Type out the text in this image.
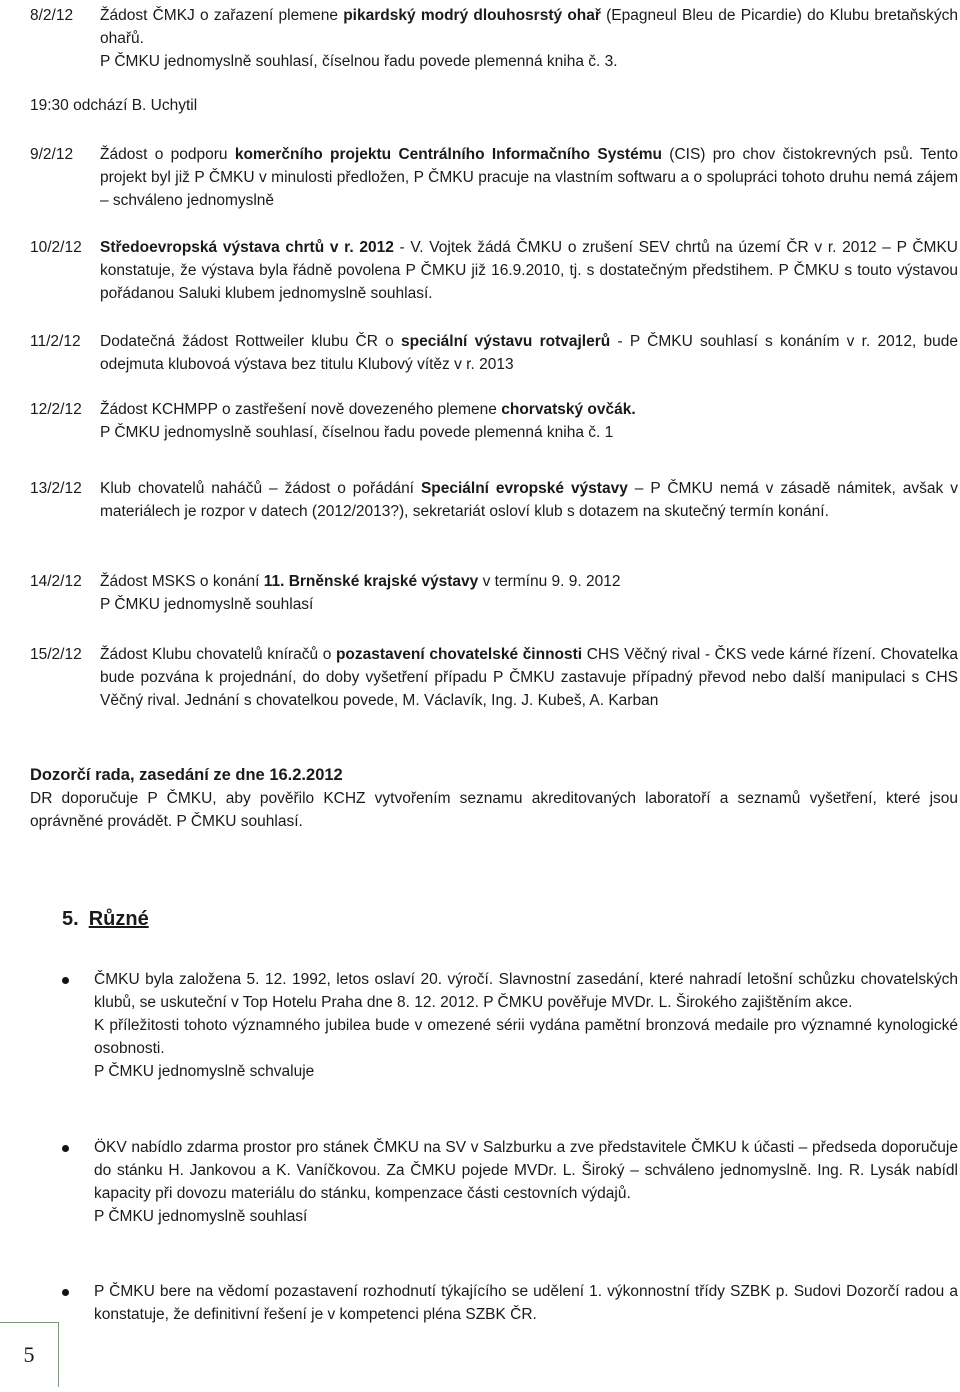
8/2/12 Žádost ČMKJ o zařazení plemene pikardský modrý dlouhosrstý ohař (Epagneul Bleu de Picardie) do Klubu bretaňských ohařů.
P ČMKU jednomyslně souhlasí, číselnou řadu povede plemenná kniha č. 3.
19:30 odchází B. Uchytil
9/2/12 Žádost o podporu komerčního projektu Centrálního Informačního Systému (CIS) pro chov čistokrevných psů. Tento projekt byl již P ČMKU v minulosti předložen, P ČMKU pracuje na vlastním softwaru a o spolupráci tohoto druhu nemá zájem – schváleno jednomyslně
10/2/12 Středoevropská výstava chrtů v r. 2012 - V. Vojtek žádá ČMKU o zrušení SEV chrtů na území ČR v r. 2012 – P ČMKU konstatuje, že výstava byla řádně povolena P ČMKU již 16.9.2010, tj. s dostatečným předstihem. P ČMKU s touto výstavou pořádanou Saluki klubem jednomyslně souhlasí.
11/2/12 Dodatečná žádost Rottweiler klubu ČR o speciální výstavu rotvajlerů - P ČMKU souhlasí s konáním v r. 2012, bude odejmuta klubovoá výstava bez titulu Klubový vítěz v r. 2013
12/2/12 Žádost KCHMPP o zastřešení nově dovezeného plemene chorvatský ovčák.
P ČMKU jednomyslně souhlasí, číselnou řadu povede plemenná kniha č. 1
13/2/12 Klub chovatelů naháčů – žádost o pořádání Speciální evropské výstavy – P ČMKU nemá v zásadě námitek, avšak v materiálech je rozpor v datech (2012/2013?), sekretariát osloví klub s dotazem na skutečný termín konání.
14/2/12 Žádost MSKS o konání 11. Brněnské krajské výstavy v termínu 9. 9. 2012
P ČMKU jednomyslně souhlasí
15/2/12 Žádost Klubu chovatelů kníračů o pozastavení chovatelské činnosti CHS Věčný rival - ČKS vede kárné řízení. Chovatelka bude pozvána k projednání, do doby vyšetření případu P ČMKU zastavuje případný převod nebo další manipulaci s CHS Věčný rival. Jednání s chovatelkou povede, M. Václavík, Ing. J. Kubeš, A. Karban
Dozorčí rada, zasedání ze dne 16.2.2012
DR doporučuje P ČMKU, aby pověřilo KCHZ vytvořením seznamu akreditovaných laboratoří a seznamů vyšetření, které jsou oprávněné provádět. P ČMKU souhlasí.
5. Různé

ČMKU byla založena 5. 12. 1992, letos oslaví 20. výročí. Slavnostní zasedání, které nahradí letošní schůzku chovatelských klubů, se uskuteční v Top Hotelu Praha dne 8. 12. 2012. P ČMKU pověřuje MVDr. L. Širokého zajištěním akce.

K příležitosti tohoto významného jubilea bude v omezené sérii vydána pamětní bronzová medaile pro významné kynologické osobnosti.

P ČMKU jednomyslně schvaluje

ÖKV nabídlo zdarma prostor pro stánek ČMKU na SV v Salzburku a zve představitele ČMKU k účasti – předseda doporučuje do stánku H. Jankovou a K. Vaníčkovou. Za ČMKU pojede MVDr. L. Široký – schváleno jednomyslně. Ing. R. Lysák nabídl kapacity při dovozu materiálu do stánku, kompenzace části cestovních výdajů.

P ČMKU jednomyslně souhlasí

P ČMKU bere na vědomí pozastavení rozhodnutí týkajícího se udělení 1. výkonnostní třídy SZBK p. Sudovi Dozorčí radou a konstatuje, že definitivní řešení je v kompetenci pléna SZBK ČR.

5
